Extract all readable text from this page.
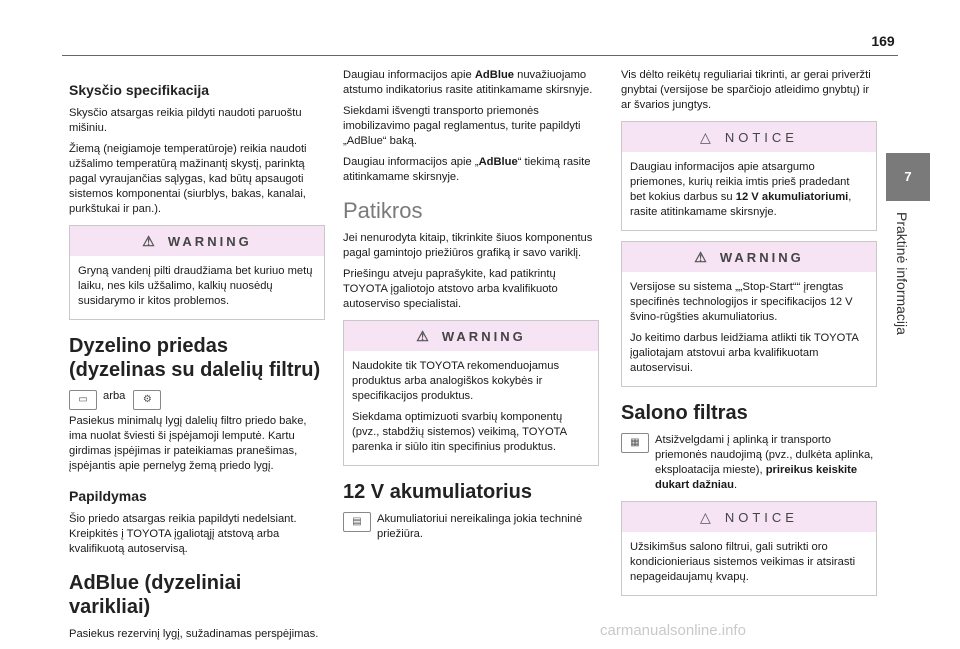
169
7
Praktinė informacija
Skysčio specifikacija

Skysčio atsargas reikia pildyti naudoti paruoštu mišiniu.

Žiemą (neigiamoje temperatūroje) reikia naudoti užšalimo temperatūrą mažinantį skystį, parinktą pagal vyraujančias sąlygas, kad būtų apsaugoti sistemos komponentai (siurblys, bakas, kanalai, purkštukai ir pan.).

⚠ WARNING

Gryną vandenį pilti draudžiama bet kuriuo metų laiku, nes kils užšalimo, kalkių nuosėdų susidarymo ir kitos problemos.

Dyzelino priedas (dyzelinas su dalelių filtru)
▭	arba	⚙

Pasiekus minimalų lygį dalelių filtro priedo bake, ima nuolat šviesti ši įspėjamoji lemputė. Kartu girdimas įspėjimas ir pateikiamas pranešimas, įspėjantis apie pernelyg žemą priedo lygį.

Papildymas

Šio priedo atsargas reikia papildyti nedelsiant. Kreipkitės į TOYOTA įgaliotąjį atstovą arba kvalifikuotą autoservisą.

AdBlue (dyzeliniai varikliai)

Pasiekus rezervinį lygį, sužadinamas perspėjimas.

Daugiau informacijos apie AdBlue nuvažiuojamo atstumo indikatorius rasite atitinkamame skirsnyje.

Siekdami išvengti transporto priemonės imobilizavimo pagal reglamentus, turite papildyti „AdBlue“ baką.

Daugiau informacijos apie „AdBlue“ tiekimą rasite atitinkamame skirsnyje.

Patikros

Jei nenurodyta kitaip, tikrinkite šiuos komponentus pagal gamintojo priežiūros grafiką ir savo variklį.

Priešingu atveju paprašykite, kad patikrintų TOYOTA įgaliotojo atstovo arba kvalifikuoto autoserviso specialistai.

⚠ WARNING

Naudokite tik TOYOTA rekomenduojamus produktus arba analogiškos kokybės ir specifikacijos produktus.

Siekdama optimizuoti svarbių komponentų (pvz., stabdžių sistemos) veikimą, TOYOTA parenka ir siūlo itin specifinius produktus.

12 V akumuliatorius
▤	Akumuliatoriui nereikalinga jokia techninė priežiūra.

Vis dėlto reikėtų reguliariai tikrinti, ar gerai priveržti gnybtai (versijose be sparčiojo atleidimo gnybtų) ir ar švarios jungtys.

△ NOTICE

Daugiau informacijos apie atsargumo priemones, kurių reikia imtis prieš pradedant bet kokius darbus su 12 V akumuliatoriumi, rasite atitinkamame skirsnyje.

⚠ WARNING

Versijose su sistema „„Stop-Start““ įrengtas specifinės technologijos ir specifikacijos 12 V švino-rūgšties akumuliatorius.

Jo keitimo darbus leidžiama atlikti tik TOYOTA įgaliotajam atstovui arba kvalifikuotam autoservisui.

Salono filtras
▦	Atsižvelgdami į aplinką ir transporto priemonės naudojimą (pvz., dulkėta aplinka, eksploatacija mieste), prireikus keiskite dukart dažniau.

△ NOTICE

Užsikimšus salono filtrui, gali sutrikti oro kondicionieriaus sistemos veikimas ir atsirasti nepageidaujamų kvapų.

carmanualsonline.info
